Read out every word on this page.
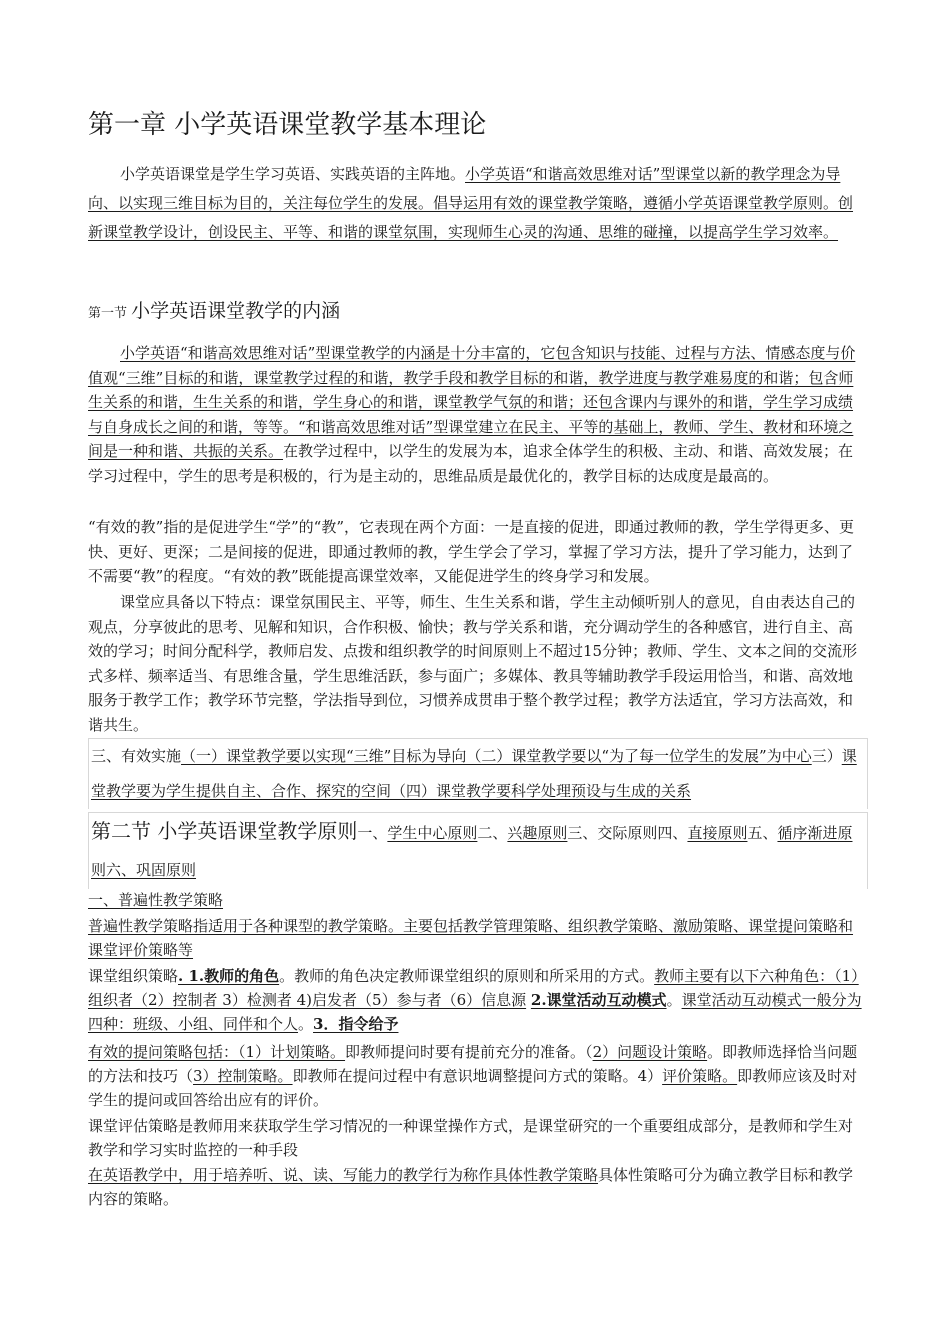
第一章 小学英语课堂教学基本理论
小学英语课堂是学生学习英语、实践英语的主阵地。小学英语“和谐高效思维对话”型课堂以新的教学理念为导向、以实现三维目标为目的，关注每位学生的发展。倡导运用有效的课堂教学策略，遵循小学英语课堂教学原则。创新课堂教学设计，创设民主、平等、和谐的课堂氛围，实现师生心灵的沟通、思维的碰撞，以提高学生学习效率。
第一节 小学英语课堂教学的内涵
小学英语“和谐高效思维对话”型课堂教学的内涵是十分丰富的，它包含知识与技能、过程与方法、情感态度与价值观“三维”目标的和谐，课堂教学过程的和谐，教学手段和教学目标的和谐，教学进度与教学难易度的和谐；包含师生关系的和谐，生生关系的和谐，学生身心的和谐，课堂教学气氛的和谐；还包含课内与课外的和谐，学生学习成绩与自身成长之间的和谐，等等。“和谐高效思维对话”型课堂建立在民主、平等的基础上，教师、学生、教材和环境之间是一种和谐、共振的关系。在教学过程中，以学生的发展为本，追求全体学生的积极、主动、和谐、高效发展；在学习过程中，学生的思考是积极的，行为是主动的，思维品质是最优化的，教学目标的达成度是最高的。
“有效的教”指的是促进学生“学”的“教”，它表现在两个方面：一是直接的促进，即通过教师的教，学生学得更多、更快、更好、更深；二是间接的促进，即通过教师的教，学生学会了学习，掌握了学习方法，提升了学习能力，达到了不需要“教”的程度。“有效的教”既能提高课堂效率，又能促进学生的终身学习和发展。
课堂应具备以下特点：课堂氛围民主、平等，师生、生生关系和谐，学生主动倾听别人的意见，自由表达自己的观点，分享彼此的思考、见解和知识，合作积极、愉快；教与学关系和谐，充分调动学生的各种感官，进行自主、高效的学习；时间分配科学，教师启发、点拨和组织教学的时间原则上不超过15分钟；教师、学生、文本之间的交流形式多样、频率适当、有思维含量，学生思维活跃，参与面广；多媒体、教具等辅助教学手段运用恰当，和谐、高效地服务于教学工作；教学环节完整，学法指导到位，习惯养成贯串于整个教学过程；教学方法适宜，学习方法高效，和谐共生。
三、有效实施（一）课堂教学要以实现“三维”目标为导向（二）课堂教学要以“为了每一位学生的发展”为中心三）课堂教学要为学生提供自主、合作、探究的空间（四）课堂教学要科学处理预设与生成的关系
第二节 小学英语课堂教学原则一、学生中心原则二、兴趣原则三、交际原则四、直接原则五、循序渐进原则六、巩固原则
一、普遍性教学策略
普遍性教学策略指适用于各种课型的教学策略。主要包括教学管理策略、组织教学策略、激励策略、课堂提问策略和课堂评价策略等
课堂组织策略. 1.教师的角色。教师的角色决定教师课堂组织的原则和所采用的方式。教师主要有以下六种角色：（1）组织者（2）控制者 3）检测者 4)启发者（5）参与者（6）信息源 2.课堂活动互动模式。课堂活动互动模式一般分为四种：班级、小组、同伴和个人。3．指令给予
有效的提问策略包括：（1）计划策略。即教师提问时要有提前充分的准备。（2）问题设计策略。即教师选择恰当问题的方法和技巧（3）控制策略。即教师在提问过程中有意识地调整提问方式的策略。4）评价策略。即教师应该及时对学生的提问或回答给出应有的评价。
课堂评估策略是教师用来获取学生学习情况的一种课堂操作方式，是课堂研究的一个重要组成部分，是教师和学生对教学和学习实时监控的一种手段
在英语教学中，用于培养听、说、读、写能力的教学行为称作具体性教学策略具体性策略可分为确立教学目标和教学内容的策略。
